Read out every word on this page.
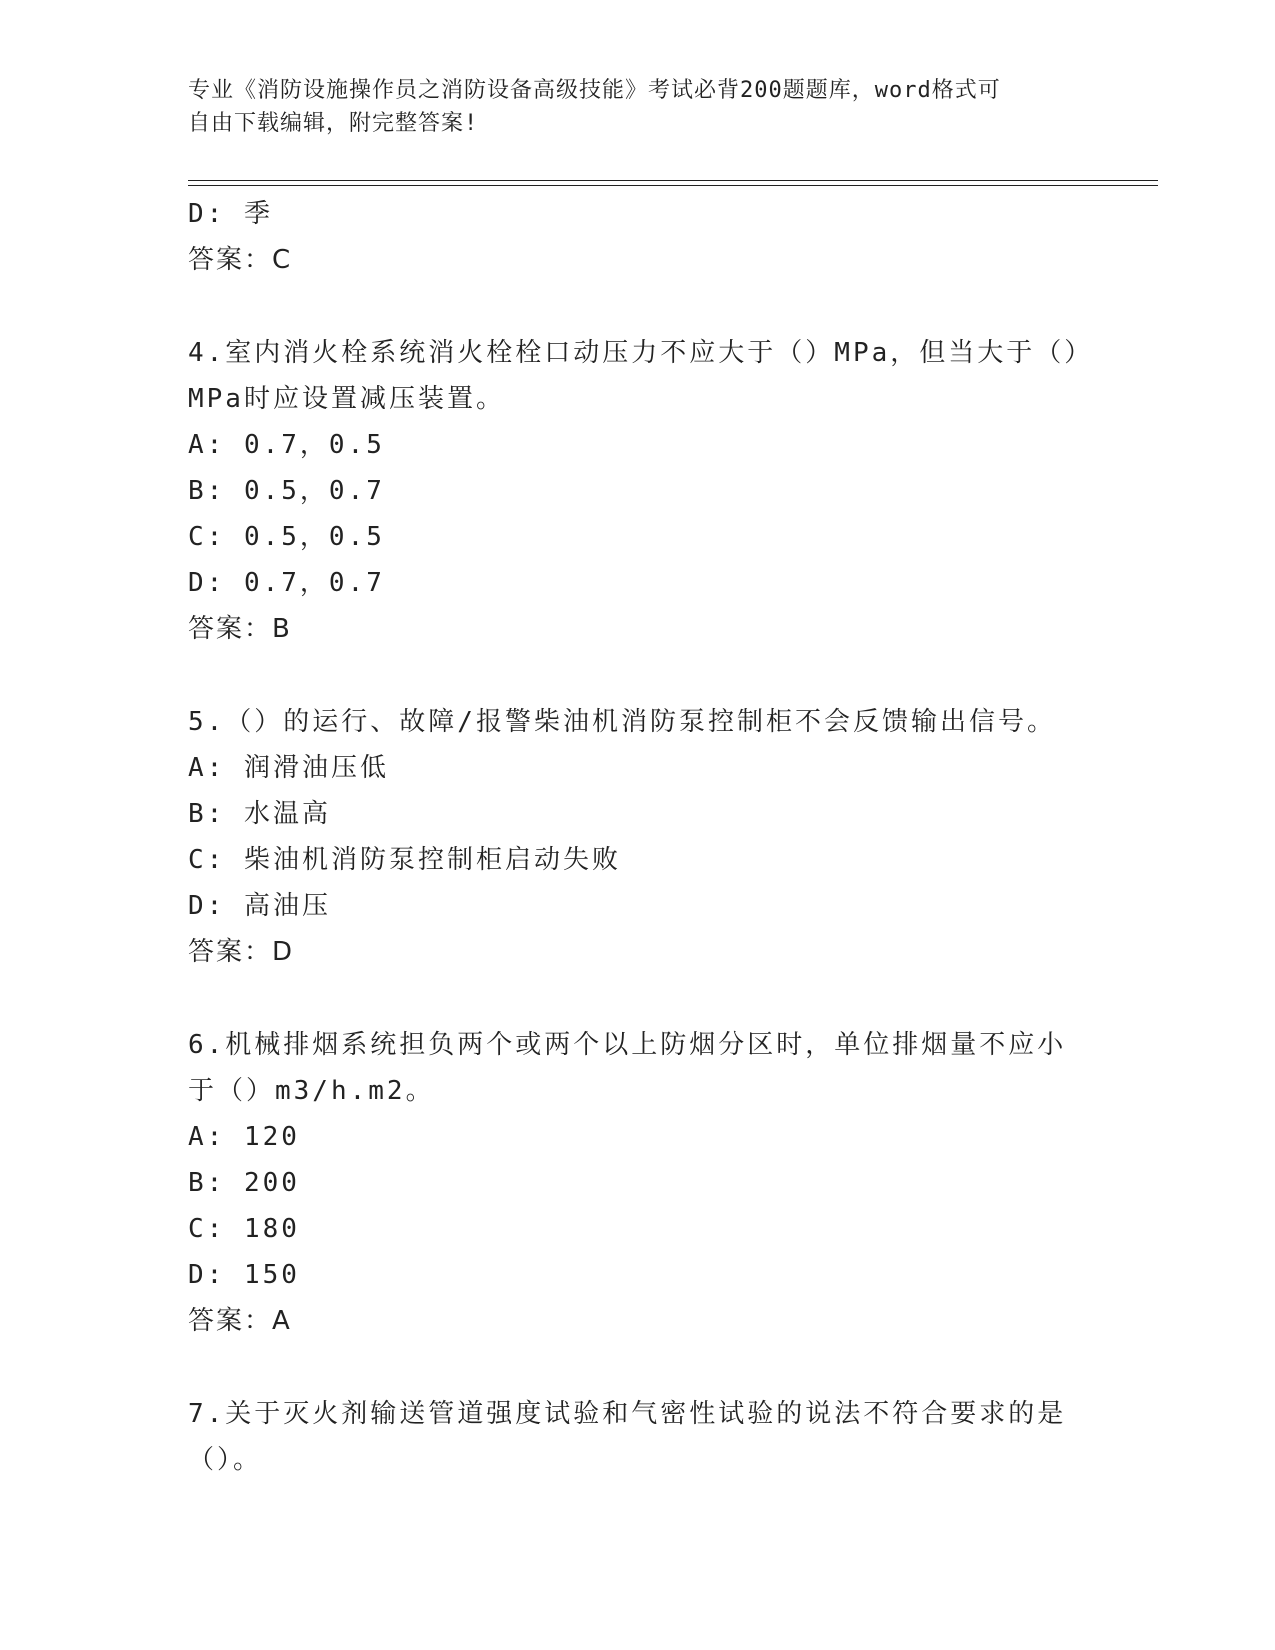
专业《消防设施操作员之消防设备高级技能》考试必背200题题库，word格式可
自由下载编辑，附完整答案!
D: 季
答案：C
4.室内消火栓系统消火栓栓口动压力不应大于（）MPa，但当大于（）
MPa时应设置减压装置。
A: 0.7，0.5
B: 0.5，0.7
C: 0.5，0.5
D: 0.7，0.7
答案：B
5.（）的运行、故障/报警柴油机消防泵控制柜不会反馈输出信号。
A: 润滑油压低
B: 水温高
C: 柴油机消防泵控制柜启动失败
D: 高油压
答案：D
6.机械排烟系统担负两个或两个以上防烟分区时，单位排烟量不应小
于（）m3/h.m2。
A: 120
B: 200
C: 180
D: 150
答案：A
7.关于灭火剂输送管道强度试验和气密性试验的说法不符合要求的是
（）。
